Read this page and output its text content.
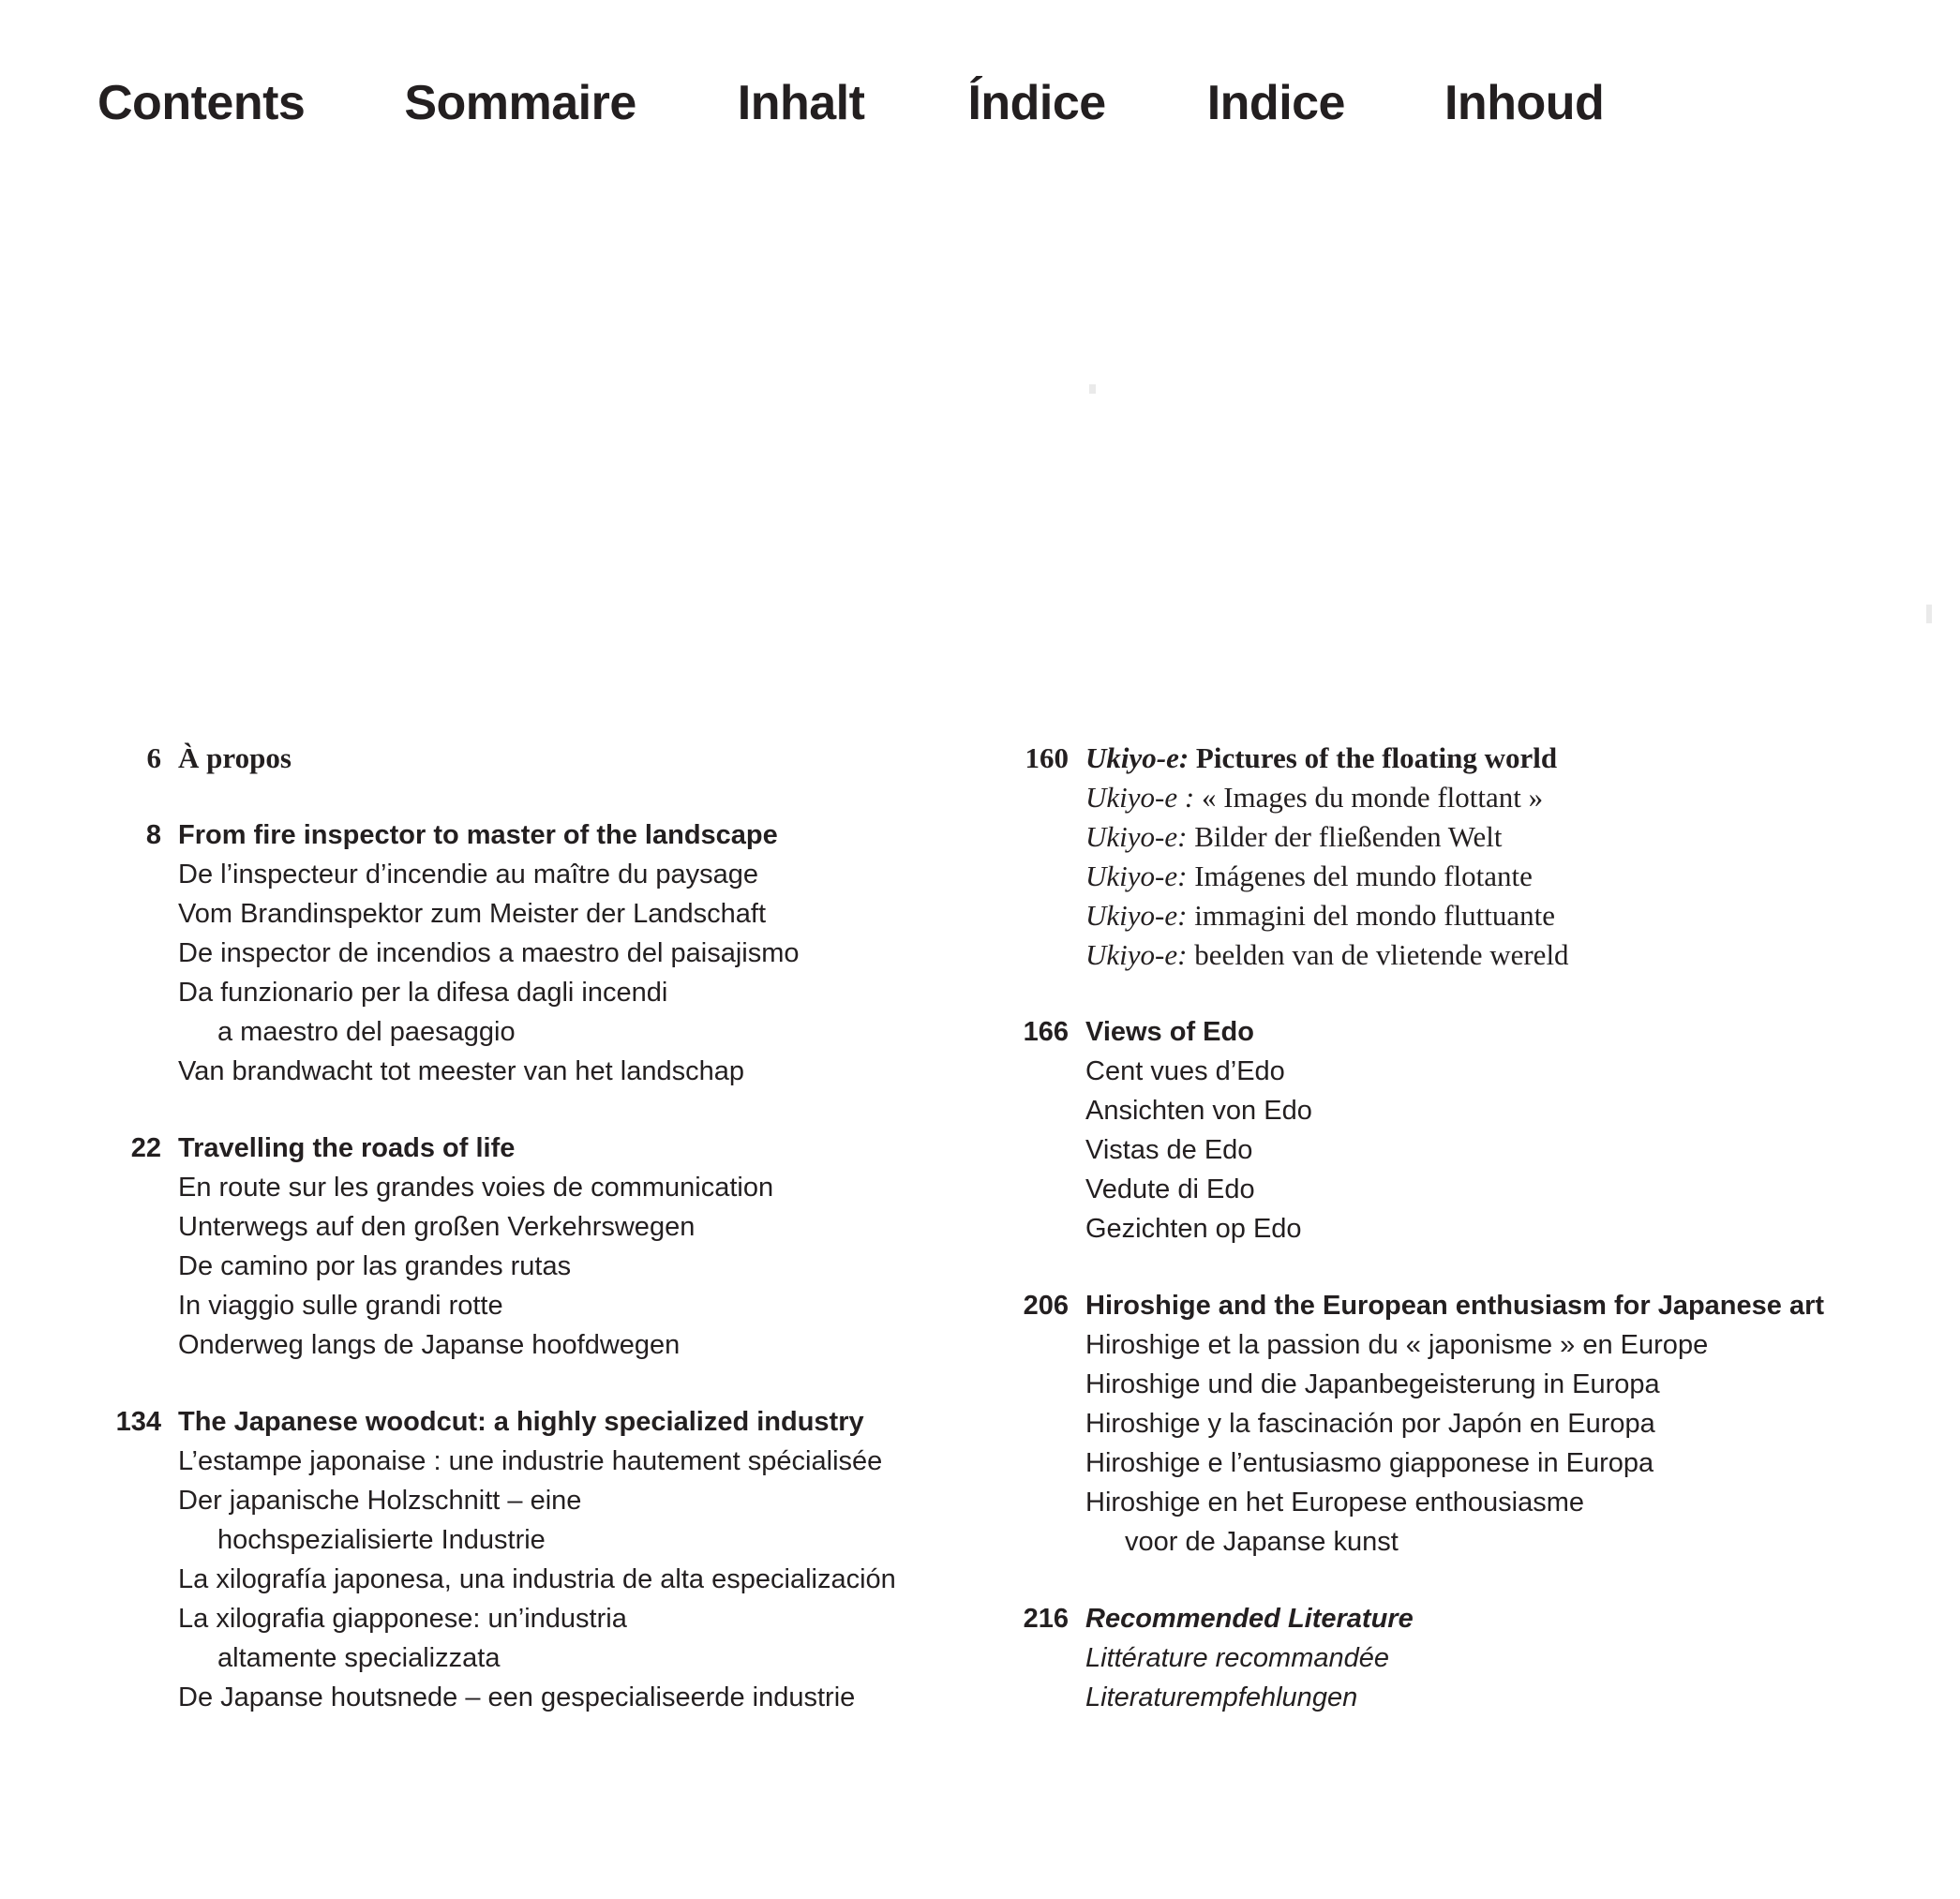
Contents Sommaire Inhalt Índice Indice Inhoud
6 À propos
8 From fire inspector to master of the landscape
De l’inspecteur d’incendie au maître du paysage
Vom Brandinspektor zum Meister der Landschaft
De inspector de incendios a maestro del paisajismo
Da funzionario per la difesa dagli incendi
a maestro del paesaggio
Van brandwacht tot meester van het landschap
22 Travelling the roads of life
En route sur les grandes voies de communication
Unterwegs auf den großen Verkehrswegen
De camino por las grandes rutas
In viaggio sulle grandi rotte
Onderweg langs de Japanse hoofdwegen
134 The Japanese woodcut: a highly specialized industry
L’estampe japonaise : une industrie hautement spécialisée
Der japanische Holzschnitt – eine
hochspezialisierte Industrie
La xilografía japonesa, una industria de alta especialización
La xilografia giapponese: un’industria
altamente specializzata
De Japanse houtsnede – een gespecialiseerde industrie
160 Ukiyo-e: Pictures of the floating world
Ukiyo-e : « Images du monde flottant »
Ukiyo-e: Bilder der fließenden Welt
Ukiyo-e: Imágenes del mundo flotante
Ukiyo-e: immagini del mondo fluttuante
Ukiyo-e: beelden van de vlietende wereld
166 Views of Edo
Cent vues d’Edo
Ansichten von Edo
Vistas de Edo
Vedute di Edo
Gezichten op Edo
206 Hiroshige and the European enthusiasm for Japanese art
Hiroshige et la passion du « japonisme » en Europe
Hiroshige und die Japanbegeisterung in Europa
Hiroshige y la fascinación por Japón en Europa
Hiroshige e l’entusiasmo giapponese in Europa
Hiroshige en het Europese enthousiasme
voor de Japanse kunst
216 Recommended Literature
Littérature recommandée
Literaturempfehlungen
